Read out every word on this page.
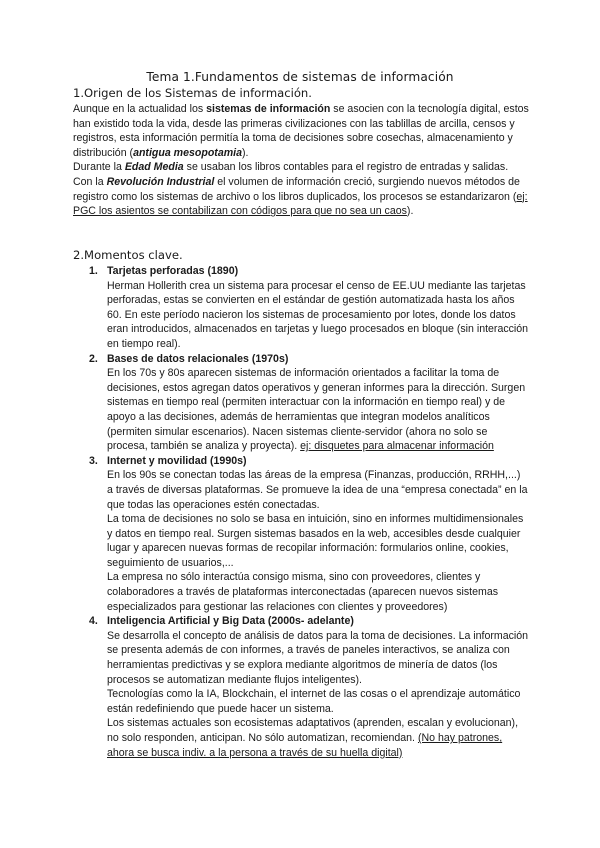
Tema 1.Fundamentos de sistemas de información
1.Origen de los Sistemas de información.

Aunque en la actualidad los sistemas de información se asocien con la tecnología digital, estos han existido toda la vida, desde las primeras civilizaciones con las tablillas de arcilla, censos y registros, esta información permitía la toma de decisiones sobre cosechas, almacenamiento y distribución (antigua mesopotamia).

Durante la Edad Media se usaban los libros contables para el registro de entradas y salidas.

Con la Revolución Industrial el volumen de información creció, surgiendo nuevos métodos de registro como los sistemas de archivo o los libros duplicados, los procesos se estandarizaron (ej: PGC los asientos se contabilizan con códigos para que no sea un caos).

2.Momentos clave.
1. Tarjetas perforadas (1890)

Herman Hollerith crea un sistema para procesar el censo de EE.UU mediante las tarjetas perforadas, estas se convierten en el estándar de gestión automatizada hasta los años 60. En este período nacieron los sistemas de procesamiento por lotes, donde los datos eran introducidos, almacenados en tarjetas y luego procesados en bloque (sin interacción en tiempo real).

2. Bases de datos relacionales (1970s)

En los 70s y 80s aparecen sistemas de información orientados a facilitar la toma de decisiones, estos agregan datos operativos y generan informes para la dirección. Surgen sistemas en tiempo real (permiten interactuar con la información en tiempo real) y de apoyo a las decisiones, además de herramientas que integran modelos analíticos (permiten simular escenarios). Nacen sistemas cliente-servidor (ahora no solo se procesa, también se analiza y proyecta). ej: disquetes para almacenar información

3. Internet y movilidad (1990s)

En los 90s se conectan todas las áreas de la empresa (Finanzas, producción, RRHH,...) a través de diversas plataformas. Se promueve la idea de una “empresa conectada” en la que todas las operaciones estén conectadas.

La toma de decisiones no solo se basa en intuición, sino en informes multidimensionales y datos en tiempo real. Surgen sistemas basados en la web, accesibles desde cualquier lugar y aparecen nuevas formas de recopilar información: formularios online, cookies, seguimiento de usuarios,...

La empresa no sólo interactúa consigo misma, sino con proveedores, clientes y colaboradores a través de plataformas interconectadas (aparecen nuevos sistemas especializados para gestionar las relaciones con clientes y proveedores)

4. Inteligencia Artificial y Big Data (2000s- adelante)

Se desarrolla el concepto de análisis de datos para la toma de decisiones. La información se presenta además de con informes, a través de paneles interactivos, se analiza con herramientas predictivas y se explora mediante algoritmos de minería de datos (los procesos se automatizan mediante flujos inteligentes).

Tecnologías como la IA, Blockchain, el internet de las cosas o el aprendizaje automático están redefiniendo que puede hacer un sistema.

Los sistemas actuales son ecosistemas adaptativos (aprenden, escalan y evolucionan), no solo responden, anticipan. No sólo automatizan, recomiendan. (No hay patrones, ahora se busca indiv. a la persona a través de su huella digital)
